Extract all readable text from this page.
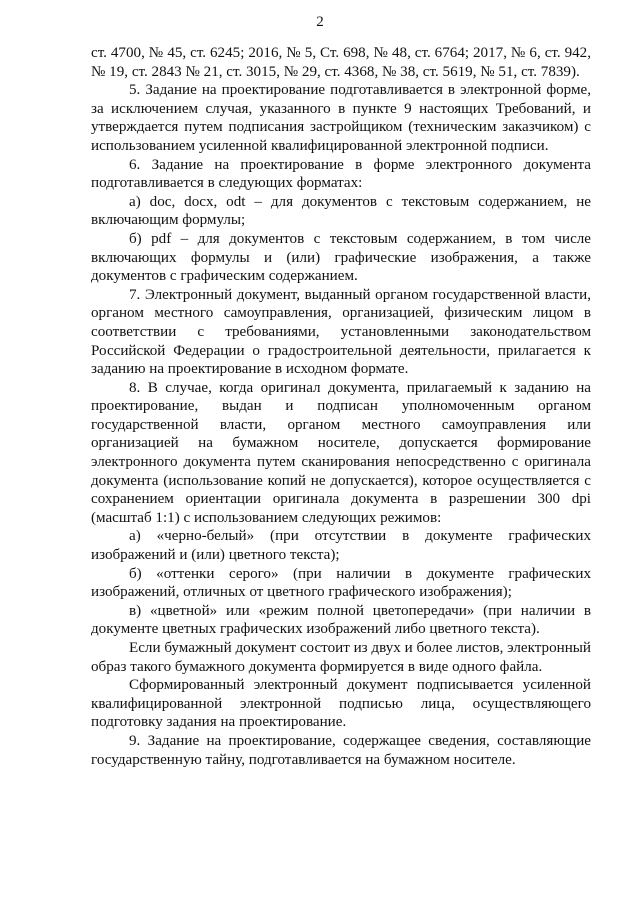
2

ст. 4700, № 45, ст. 6245; 2016, № 5, Ст. 698, № 48, ст. 6764; 2017, № 6, ст. 942, № 19, ст. 2843 № 21, ст. 3015, № 29, ст. 4368, № 38, ст. 5619, № 51, ст. 7839).

5. Задание на проектирование подготавливается в электронной форме, за исключением случая, указанного в пункте 9 настоящих Требований, и утверждается путем подписания застройщиком (техническим заказчиком) с использованием усиленной квалифицированной электронной подписи.

6. Задание на проектирование в форме электронного документа подготавливается в следующих форматах:

а) doc, docx, odt – для документов с текстовым содержанием, не включающим формулы;

б) pdf – для документов с текстовым содержанием, в том числе включающих формулы и (или) графические изображения, а также документов с графическим содержанием.

7. Электронный документ, выданный органом государственной власти, органом местного самоуправления, организацией, физическим лицом в соответствии с требованиями, установленными законодательством Российской Федерации о градостроительной деятельности, прилагается к заданию на проектирование в исходном формате.

8. В случае, когда оригинал документа, прилагаемый к заданию на проектирование, выдан и подписан уполномоченным органом государственной власти, органом местного самоуправления или организацией на бумажном носителе, допускается формирование электронного документа путем сканирования непосредственно с оригинала документа (использование копий не допускается), которое осуществляется с сохранением ориентации оригинала документа в разрешении 300 dpi (масштаб 1:1) с использованием следующих режимов:

а) «черно-белый» (при отсутствии в документе графических изображений и (или) цветного текста);

б) «оттенки серого» (при наличии в документе графических изображений, отличных от цветного графического изображения);

в) «цветной» или «режим полной цветопередачи» (при наличии в документе цветных графических изображений либо цветного текста).

Если бумажный документ состоит из двух и более листов, электронный образ такого бумажного документа формируется в виде одного файла.

Сформированный электронный документ подписывается усиленной квалифицированной электронной подписью лица, осуществляющего подготовку задания на проектирование.

9. Задание на проектирование, содержащее сведения, составляющие государственную тайну, подготавливается на бумажном носителе.
